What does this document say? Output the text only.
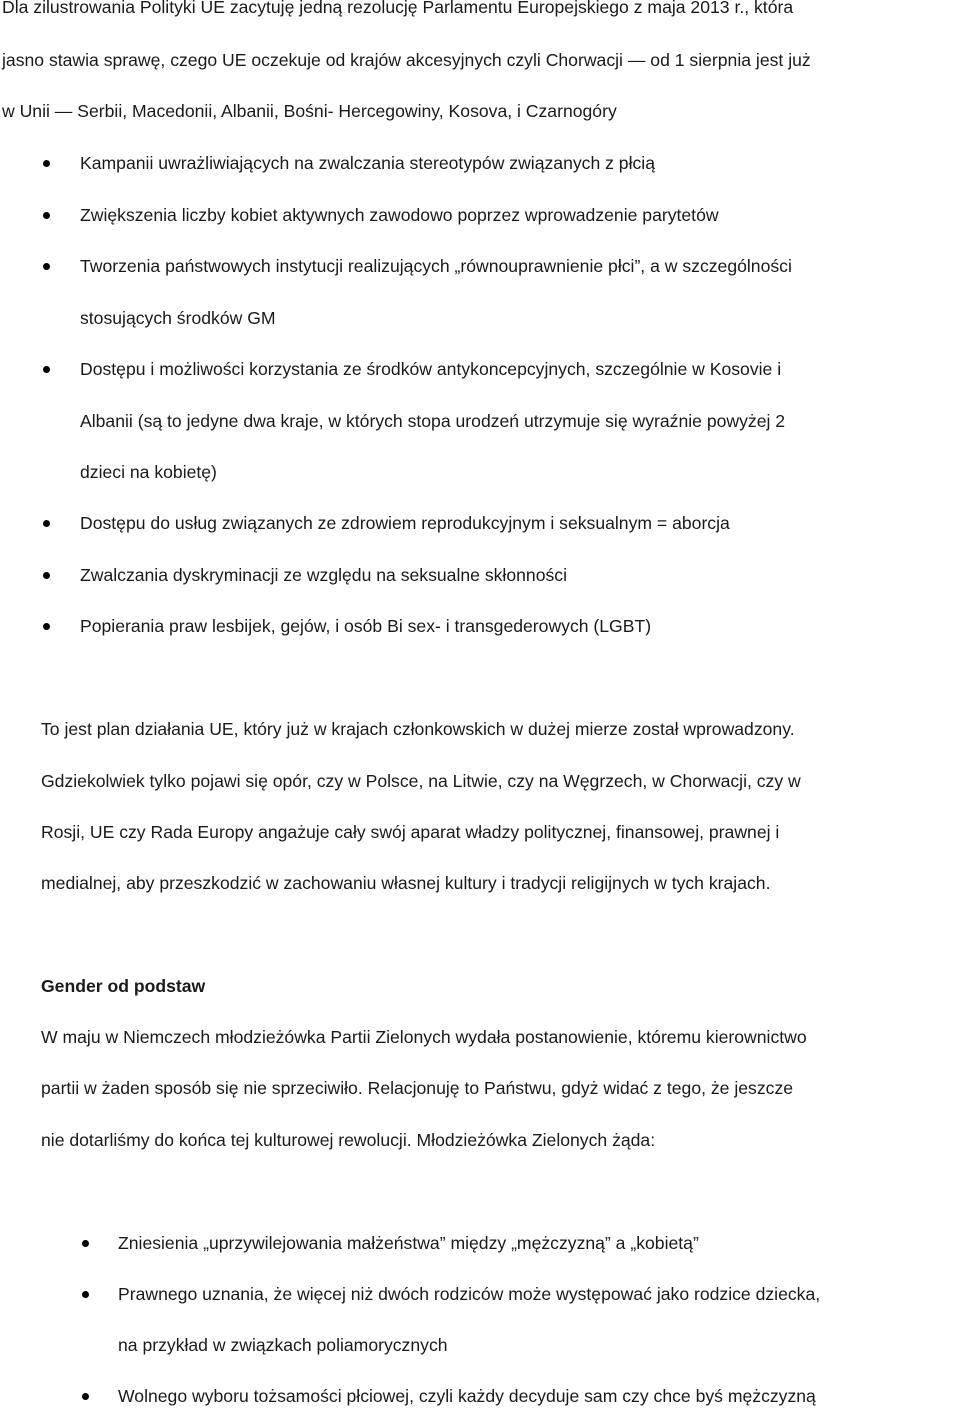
Dla zilustrowania Polityki UE zacytuję jedną rezolucję Parlamentu Europejskiego z maja 2013 r., która
jasno stawia sprawę, czego UE oczekuje od krajów akcesyjnych czyli Chorwacji — od 1 sierpnia jest już
w Unii — Serbii, Macedonii, Albanii, Bośni- Hercegowiny, Kosova, i Czarnogóry
Kampanii uwrażliwiających na zwalczania stereotypów związanych z płcią
Zwiększenia liczby kobiet aktywnych zawodowo poprzez wprowadzenie parytetów
Tworzenia państwowych instytucji realizujących „równouprawnienie płci”, a w szczególności
stosujących środków GM
Dostępu i możliwości korzystania ze środków antykoncepcyjnych, szczególnie w Kosovie i
Albanii (są to jedyne dwa kraje, w których stopa urodzeń utrzymuje się wyraźnie powyżej 2
dzieci na kobietę)
Dostępu do usług związanych ze zdrowiem reprodukcyjnym i seksualnym = aborcja
Zwalczania dyskryminacji ze względu na seksualne skłonności
Popierania praw lesbijek, gejów, i osób Bi sex- i transgederowych (LGBT)
To jest plan działania UE, który już w krajach członkowskich w dużej mierze został wprowadzony.
Gdziekolwiek tylko pojawi się opór, czy w Polsce, na Litwie, czy na Węgrzech, w Chorwacji, czy w
Rosji, UE czy Rada Europy angażuje cały swój aparat władzy politycznej, finansowej, prawnej i
medialnej, aby przeszkodzić w zachowaniu własnej kultury i tradycji religijnych w tych krajach.
Gender od podstaw
W maju w Niemczech młodzieżówka Partii Zielonych wydała postanowienie, któremu kierownictwo
partii w żaden sposób się nie sprzeciwiło. Relacjonuję to Państwu, gdyż widać z tego, że jeszcze
nie dotarliśmy do końca tej kulturowej rewolucji. Młodzieżówka Zielonych żąda:
Zniesienia „uprzywilejowania małżeństwa” między „mężczyzną” a „kobietą”
Prawnego uznania, że więcej niż dwóch rodziców może występować jako rodzice dziecka,
na przykład w związkach poliamorycznych
Wolnego wyboru tożsamości płciowej, czyli każdy decyduje sam czy chce byś mężczyzną
